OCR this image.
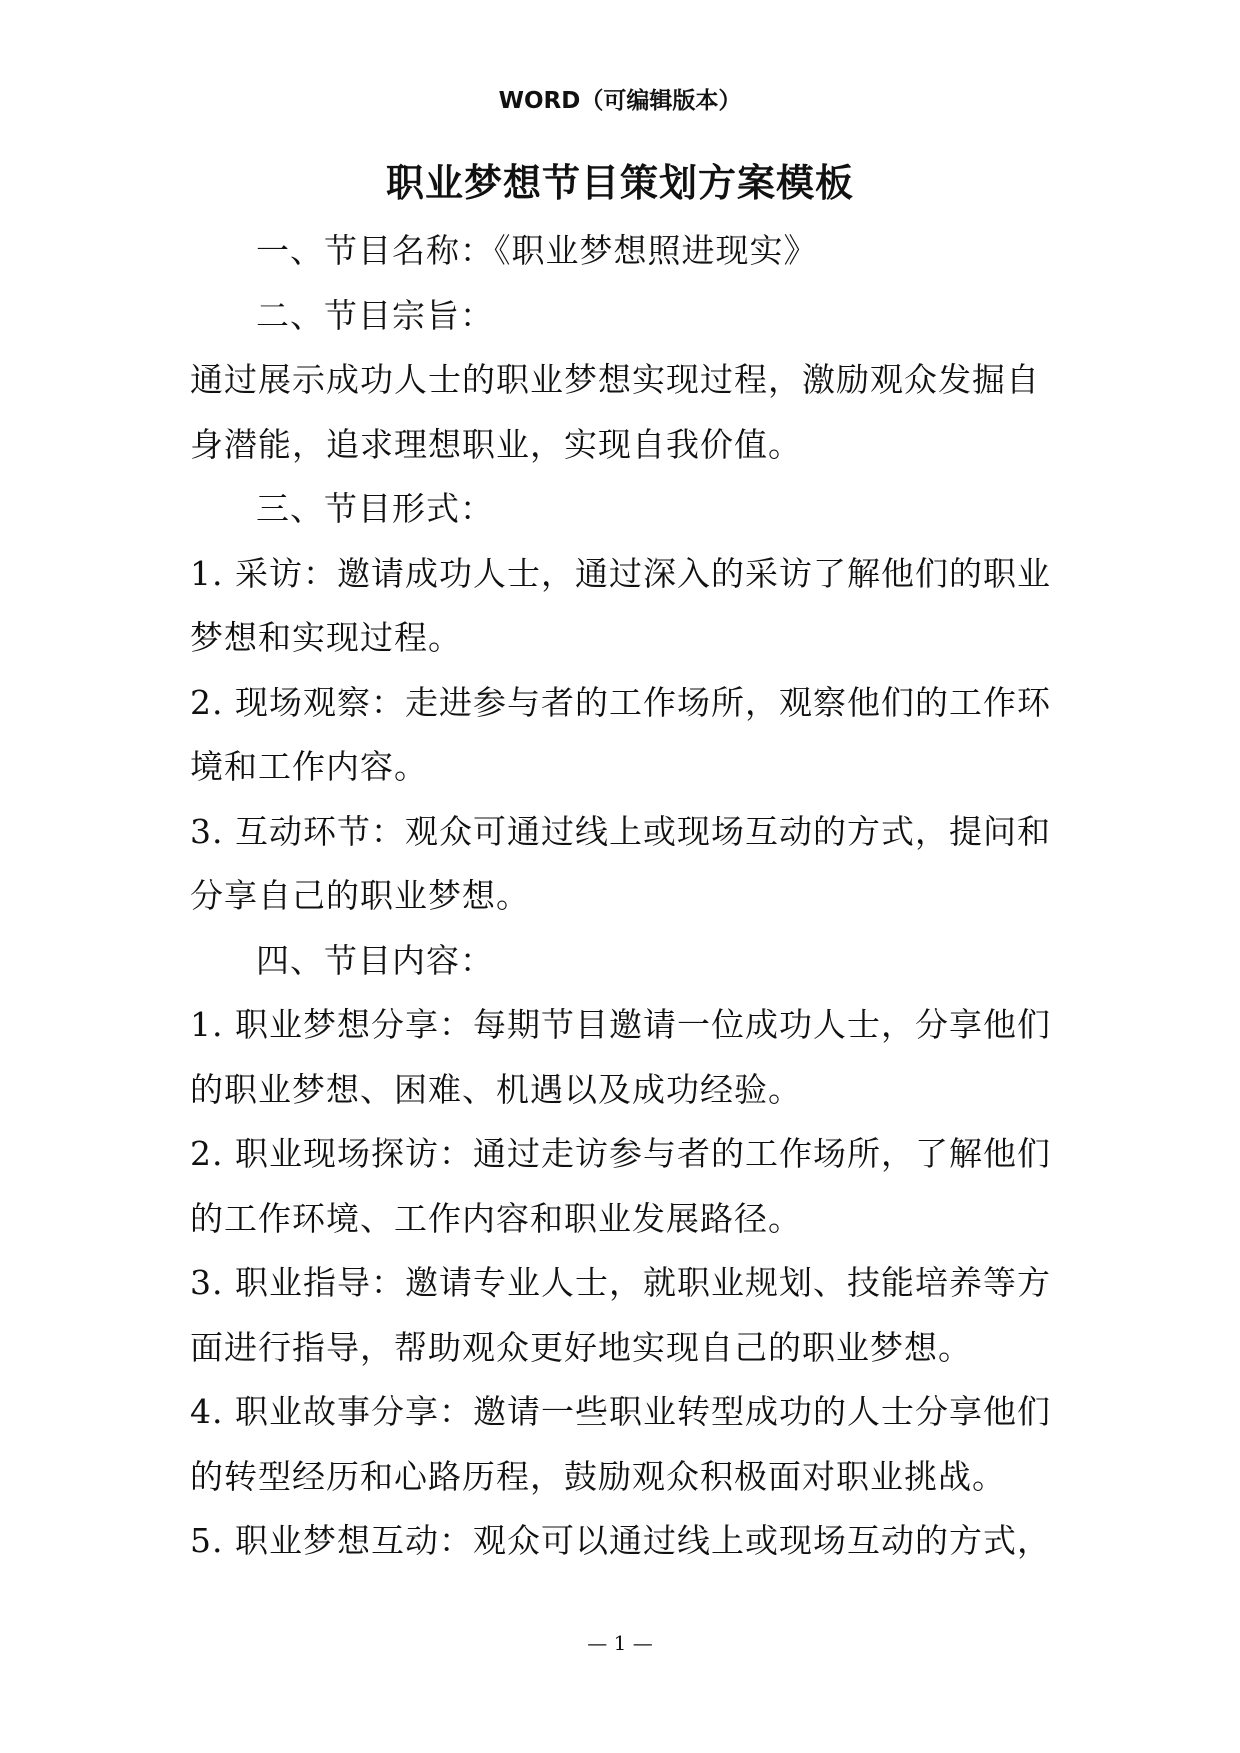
WORD（可编辑版本）
职业梦想节目策划方案模板

一、节目名称：《职业梦想照进现实》

二、节目宗旨：

通过展示成功人士的职业梦想实现过程，激励观众发掘自

身潜能，追求理想职业，实现自我价值。

三、节目形式：

1. 采访：邀请成功人士，通过深入的采访了解他们的职业

梦想和实现过程。

2. 现场观察：走进参与者的工作场所，观察他们的工作环

境和工作内容。

3. 互动环节：观众可通过线上或现场互动的方式，提问和

分享自己的职业梦想。

四、节目内容：

1. 职业梦想分享：每期节目邀请一位成功人士，分享他们

的职业梦想、困难、机遇以及成功经验。

2. 职业现场探访：通过走访参与者的工作场所，了解他们

的工作环境、工作内容和职业发展路径。

3. 职业指导：邀请专业人士，就职业规划、技能培养等方

面进行指导，帮助观众更好地实现自己的职业梦想。

4. 职业故事分享：邀请一些职业转型成功的人士分享他们

的转型经历和心路历程，鼓励观众积极面对职业挑战。

5. 职业梦想互动：观众可以通过线上或现场互动的方式，

— 1 —
